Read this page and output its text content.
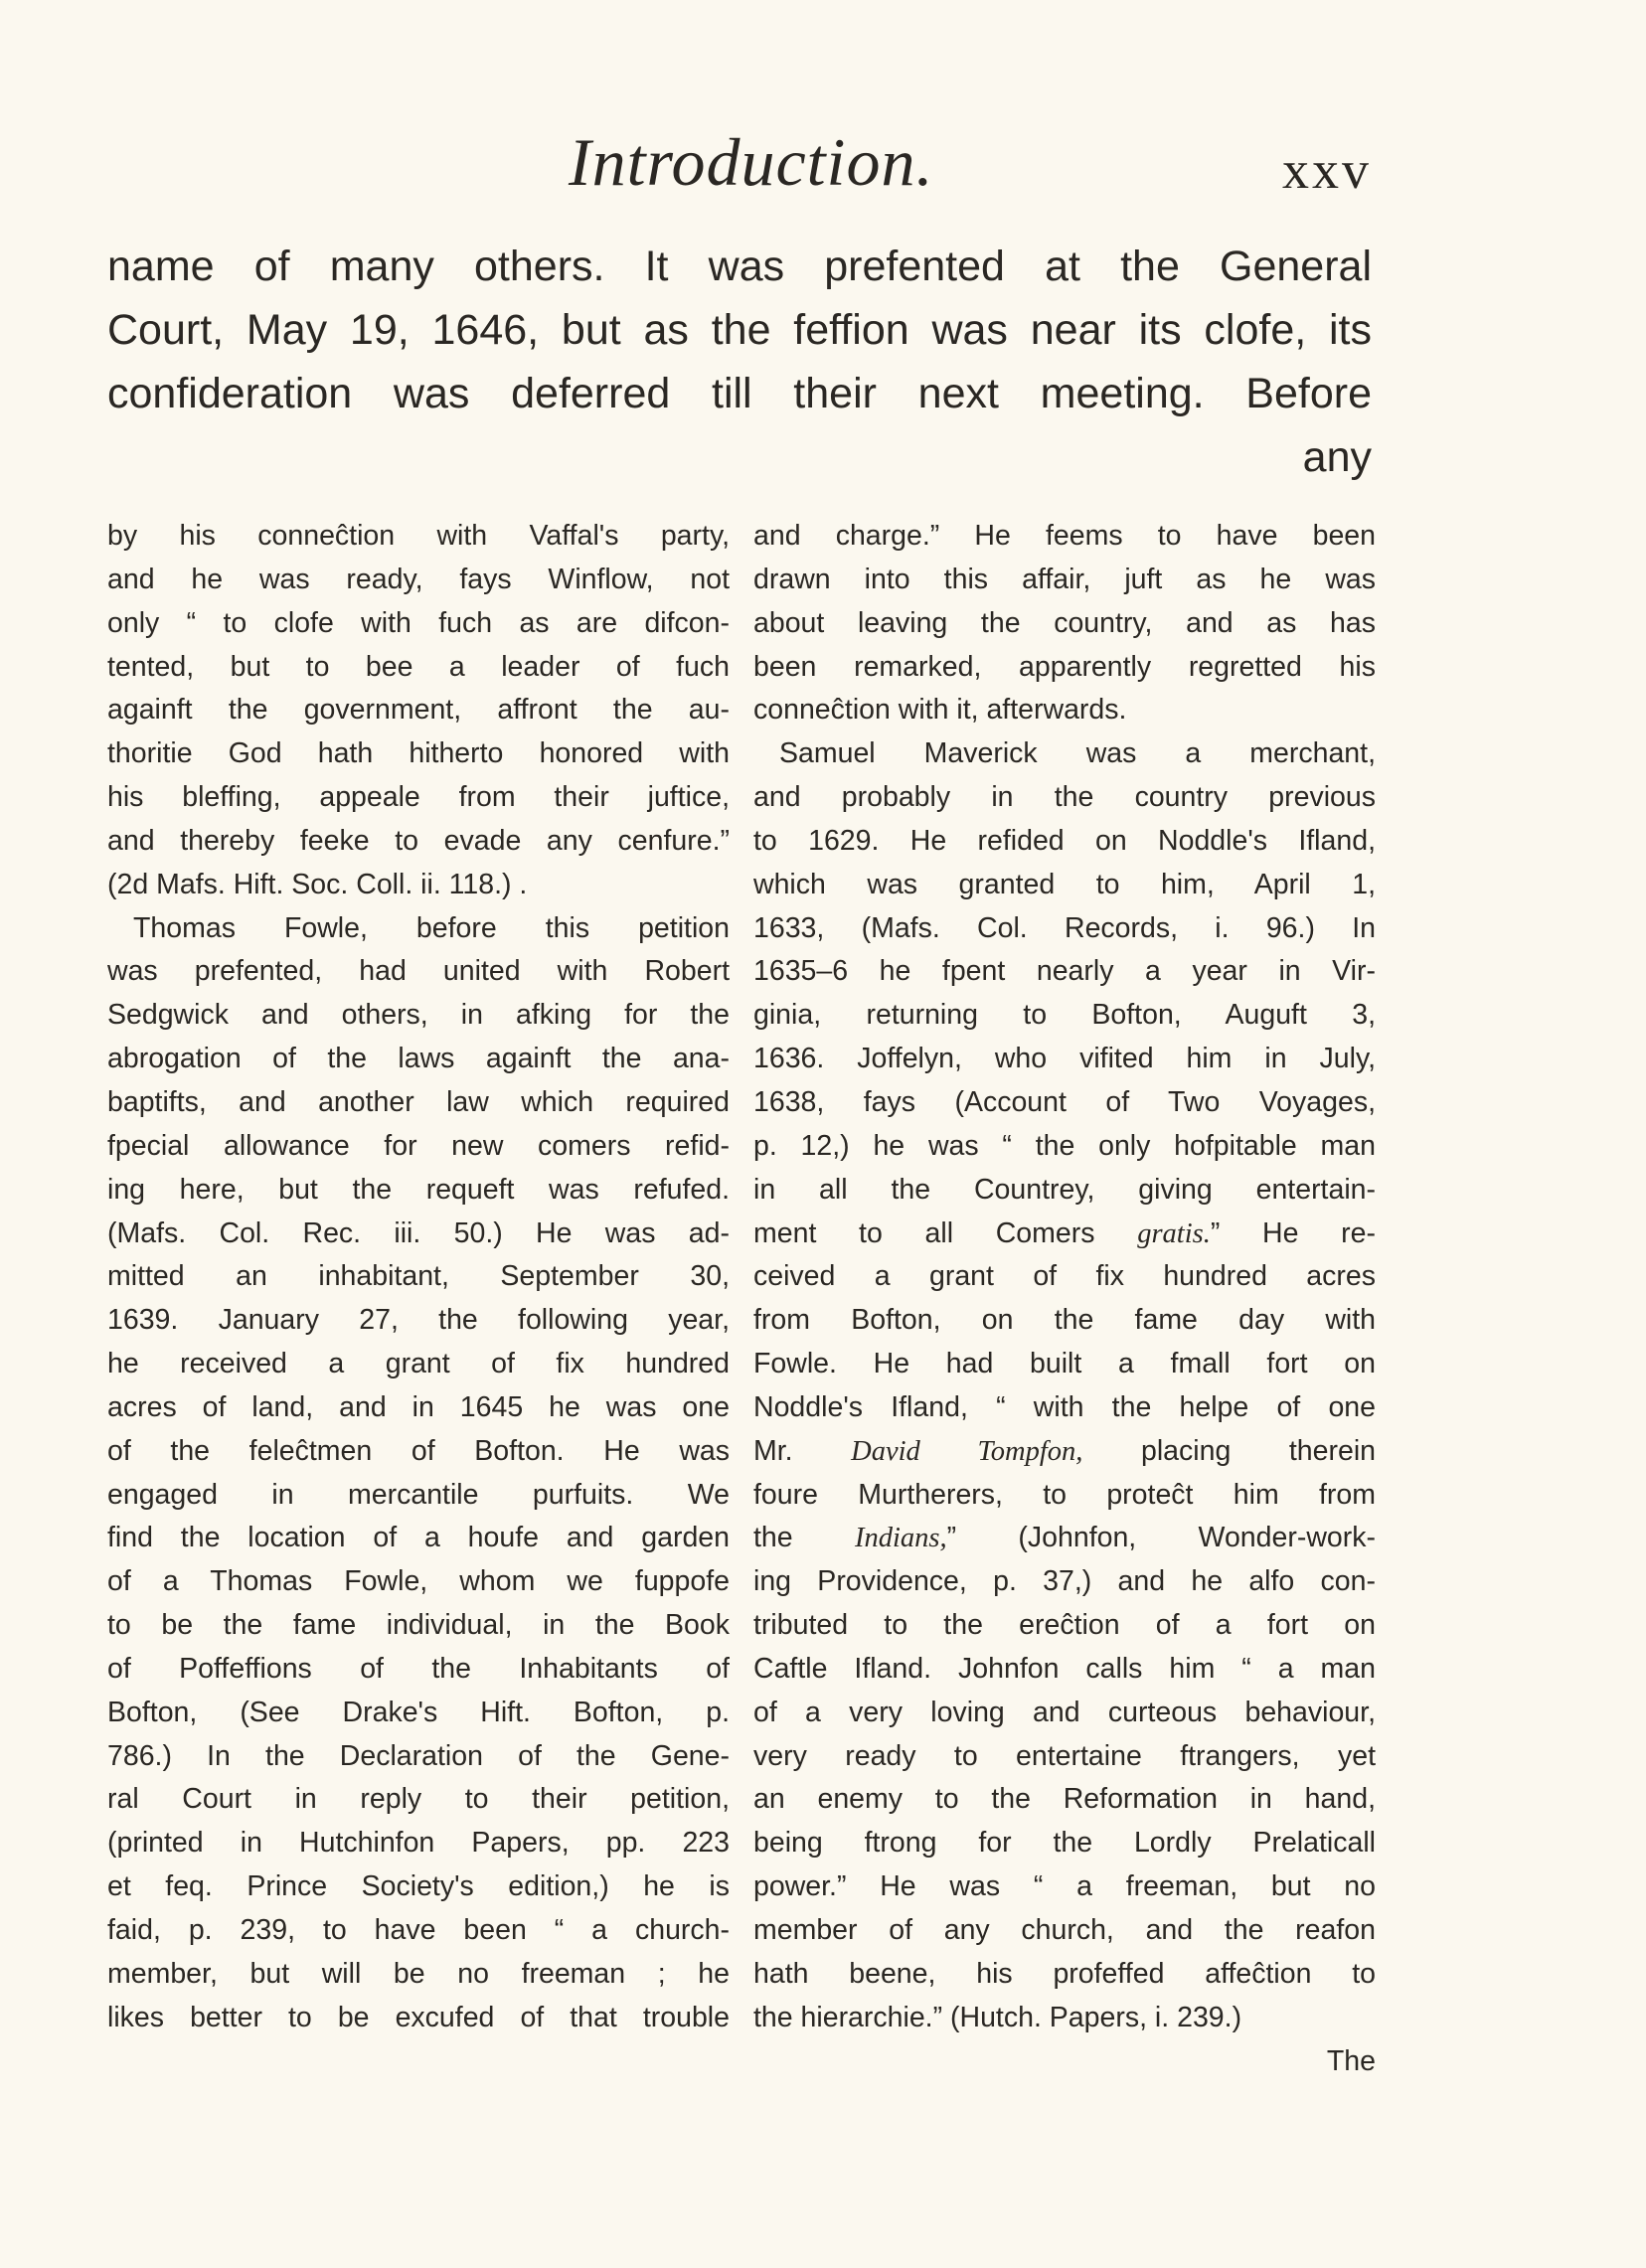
Introduction.	xxv
name of many others. It was prefented at the General
Court, May 19, 1646, but as the feffion was near its clofe, its
confideration was deferred till their next meeting. Before
any
by his conneĉtion with Vaffal's party,
and he was ready, fays Winflow, not
only “ to clofe with fuch as are difcon-
tented, but to bee a leader of fuch
againft the government, affront the au-
thoritie God hath hitherto honored with
his bleffing, appeale from their juftice,
and thereby feeke to evade any cenfure.”
(2d Mafs. Hift. Soc. Coll. ii. 118.) .
Thomas Fowle, before this petition
was prefented, had united with Robert
Sedgwick and others, in afking for the
abrogation of the laws againft the ana-
baptifts, and another law which required
fpecial allowance for new comers refid-
ing here, but the requeft was refufed.
(Mafs. Col. Rec. iii. 50.) He was ad-
mitted an inhabitant, September 30,
1639. January 27, the following year,
he received a grant of fix hundred
acres of land, and in 1645 he was one
of the feleĉtmen of Bofton. He was
engaged in mercantile purfuits. We
find the location of a houfe and garden
of a Thomas Fowle, whom we fuppofe
to be the fame individual, in the Book
of Poffeffions of the Inhabitants of
Bofton, (See Drake's Hift. Bofton, p.
786.) In the Declaration of the Gene-
ral Court in reply to their petition,
(printed in Hutchinfon Papers, pp. 223
et feq. Prince Society's edition,) he is
faid, p. 239, to have been “ a church-
member, but will be no freeman ; he
likes better to be excufed of that trouble
and charge.” He feems to have been
drawn into this affair, juft as he was
about leaving the country, and as has
been remarked, apparently regretted his
conneĉtion with it, afterwards.
Samuel Maverick was a merchant,
and probably in the country previous
to 1629. He refided on Noddle's Ifland,
which was granted to him, April 1,
1633, (Mafs. Col. Records, i. 96.) In
1635–6 he fpent nearly a year in Vir-
ginia, returning to Bofton, Auguft 3,
1636. Joffelyn, who vifited him in July,
1638, fays (Account of Two Voyages,
p. 12,) he was “ the only hofpitable man
in all the Countrey, giving entertain-
ment to all Comers gratis.” He re-
ceived a grant of fix hundred acres
from Bofton, on the fame day with
Fowle. He had built a fmall fort on
Noddle's Ifland, “ with the helpe of one
Mr. David Tompfon, placing therein
foure Murtherers, to proteĉt him from
the Indians,” (Johnfon, Wonder-work-
ing Providence, p. 37,) and he alfo con-
tributed to the ereĉtion of a fort on
Caftle Ifland. Johnfon calls him “ a man
of a very loving and curteous behaviour,
very ready to entertaine ftrangers, yet
an enemy to the Reformation in hand,
being ftrong for the Lordly Prelaticall
power.” He was “ a freeman, but no
member of any church, and the reafon
hath beene, his profeffed affeĉtion to
the hierarchie.” (Hutch. Papers, i. 239.)
The
